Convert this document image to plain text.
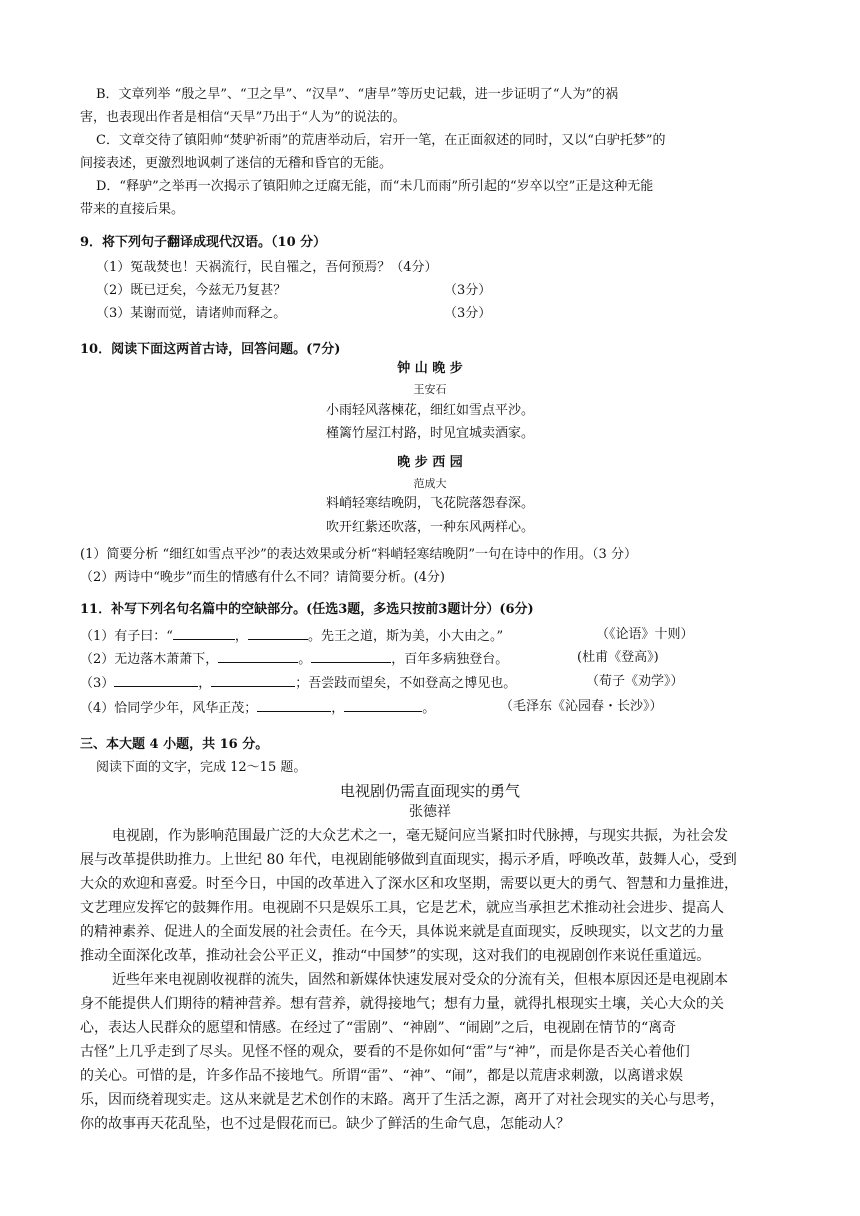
B．文章列举 “殷之旱”、“卫之旱”、“汉旱”、“唐旱”等历史记载，进一步证明了“人为”的祸
害，也表现出作者是相信“天旱”乃出于“人为”的说法的。
C．文章交待了镇阳帅“焚驴祈雨”的荒唐举动后，宕开一笔，在正面叙述的同时，又以“白驴托梦”的
间接表述，更激烈地讽刺了迷信的无稽和昏官的无能。
D．“释驴”之举再一次揭示了镇阳帅之迂腐无能，而“未几而雨”所引起的“岁卒以空”正是这种无能
带来的直接后果。
9．将下列句子翻译成现代汉语。（10 分）
（1）冤哉焚也！天祸流行，民自罹之，吾何预焉？（4分）
（2）既已迂矣，今兹无乃复甚？	（3分）
（3）某谢而觉，请诸帅而释之。	（3分）
10．阅读下面这两首古诗，回答问题。(7分)
钟 山 晚 步
王安石
小雨轻风落楝花，细红如雪点平沙。
槿篱竹屋江村路，时见宜城卖酒家。
晚 步 西 园
范成大
料峭轻寒结晚阴，飞花院落怨春深。
吹开红紫还吹落，一种东风两样心。
(1）简要分析 “细红如雪点平沙”的表达效果或分析“料峭轻寒结晚阴”一句在诗中的作用。（3 分）
（2）两诗中“晚步”而生的情感有什么不同？请简要分析。(4分)
11．补写下列名句名篇中的空缺部分。(任选3题，多选只按前3题计分）(6分)
（1）有子曰：“	，	。先王之道，斯为美，小大由之。”	（《论语》十则）
（2）无边落木萧萧下，	。	，百年多病独登台。	(杜甫《登高》)
（3）	，	；吾尝跂而望矣，不如登高之博见也。	（荀子《劝学》）
（4）恰同学少年，风华正茂；	，	。	（毛泽东《沁园春・长沙》）
三、本大题 4 小题，共 16 分。
阅读下面的文字，完成 12～15 题。
电视剧仍需直面现实的勇气
张德祥
电视剧，作为影响范围最广泛的大众艺术之一，毫无疑问应当紧扣时代脉搏，与现实共振，为社会发
展与改革提供助推力。上世纪 80 年代，电视剧能够做到直面现实，揭示矛盾，呼唤改革，鼓舞人心，受到
大众的欢迎和喜爱。时至今日，中国的改革进入了深水区和攻坚期，需要以更大的勇气、智慧和力量推进，
文艺理应发挥它的鼓舞作用。电视剧不只是娱乐工具，它是艺术，就应当承担艺术推动社会进步、提高人
的精神素养、促进人的全面发展的社会责任。在今天，具体说来就是直面现实，反映现实，以文艺的力量
推动全面深化改革，推动社会公平正义，推动“中国梦”的实现，这对我们的电视剧创作来说任重道远。
近些年来电视剧收视群的流失，固然和新媒体快速发展对受众的分流有关，但根本原因还是电视剧本
身不能提供人们期待的精神营养。想有营养，就得接地气；想有力量，就得扎根现实土壤，关心大众的关
心，表达人民群众的愿望和情感。在经过了“雷剧”、“神剧”、“闹剧”之后，电视剧在情节的“离奇
古怪”上几乎走到了尽头。见怪不怪的观众，要看的不是你如何“雷”与“神”，而是你是否关心着他们
的关心。可惜的是，许多作品不接地气。所谓“雷”、“神”、“闹”，都是以荒唐求刺激，以离谱求娱
乐，因而绕着现实走。这从来就是艺术创作的末路。离开了生活之源，离开了对社会现实的关心与思考，
你的故事再天花乱坠，也不过是假花而已。缺少了鲜活的生命气息，怎能动人？
